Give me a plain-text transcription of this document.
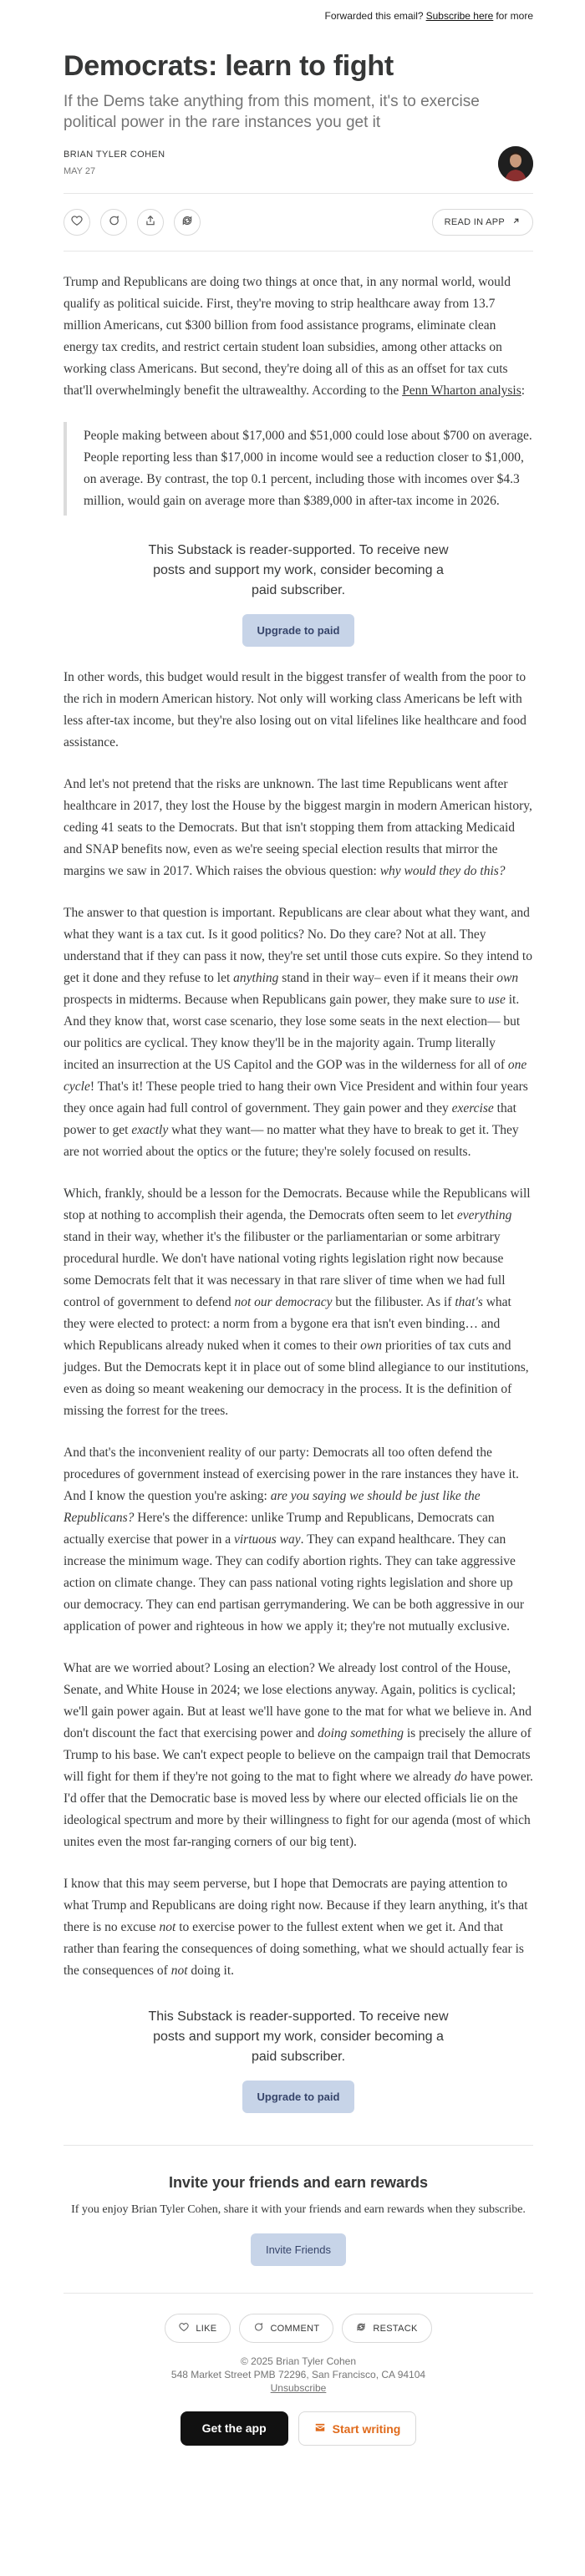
Forwarded this email? Subscribe here for more
Democrats: learn to fight
If the Dems take anything from this moment, it's to exercise political power in the rare instances you get it
BRIAN TYLER COHEN
MAY 27
READ IN APP

Trump and Republicans are doing two things at once that, in any normal world, would qualify as political suicide. First, they're moving to strip healthcare away from 13.7 million Americans, cut $300 billion from food assistance programs, eliminate clean energy tax credits, and restrict certain student loan subsidies, among other attacks on working class Americans. But second, they're doing all of this as an offset for tax cuts that'll overwhelmingly benefit the ultrawealthy. According to the Penn Wharton analysis:

People making between about $17,000 and $51,000 could lose about $700 on average. People reporting less than $17,000 in income would see a reduction closer to $1,000, on average. By contrast, the top 0.1 percent, including those with incomes over $4.3 million, would gain on average more than $389,000 in after-tax income in 2026.

This Substack is reader-supported. To receive new posts and support my work, consider becoming a paid subscriber.
Upgrade to paid

In other words, this budget would result in the biggest transfer of wealth from the poor to the rich in modern American history. Not only will working class Americans be left with less after-tax income, but they're also losing out on vital lifelines like healthcare and food assistance.

And let's not pretend that the risks are unknown. The last time Republicans went after healthcare in 2017, they lost the House by the biggest margin in modern American history, ceding 41 seats to the Democrats. But that isn't stopping them from attacking Medicaid and SNAP benefits now, even as we're seeing special election results that mirror the margins we saw in 2017. Which raises the obvious question: why would they do this?

The answer to that question is important. Republicans are clear about what they want, and what they want is a tax cut. Is it good politics? No. Do they care? Not at all. They understand that if they can pass it now, they're set until those cuts expire. So they intend to get it done and they refuse to let anything stand in their way– even if it means their own prospects in midterms. Because when Republicans gain power, they make sure to use it. And they know that, worst case scenario, they lose some seats in the next election— but our politics are cyclical. They know they'll be in the majority again. Trump literally incited an insurrection at the US Capitol and the GOP was in the wilderness for all of one cycle! That's it! These people tried to hang their own Vice President and within four years they once again had full control of government. They gain power and they exercise that power to get exactly what they want— no matter what they have to break to get it. They are not worried about the optics or the future; they're solely focused on results.

Which, frankly, should be a lesson for the Democrats. Because while the Republicans will stop at nothing to accomplish their agenda, the Democrats often seem to let everything stand in their way, whether it's the filibuster or the parliamentarian or some arbitrary procedural hurdle. We don't have national voting rights legislation right now because some Democrats felt that it was necessary in that rare sliver of time when we had full control of government to defend not our democracy but the filibuster. As if that's what they were elected to protect: a norm from a bygone era that isn't even binding… and which Republicans already nuked when it comes to their own priorities of tax cuts and judges. But the Democrats kept it in place out of some blind allegiance to our institutions, even as doing so meant weakening our democracy in the process. It is the definition of missing the forrest for the trees.

And that's the inconvenient reality of our party: Democrats all too often defend the procedures of government instead of exercising power in the rare instances they have it. And I know the question you're asking: are you saying we should be just like the Republicans? Here's the difference: unlike Trump and Republicans, Democrats can actually exercise that power in a virtuous way. They can expand healthcare. They can increase the minimum wage. They can codify abortion rights. They can take aggressive action on climate change. They can pass national voting rights legislation and shore up our democracy. They can end partisan gerrymandering. We can be both aggressive in our application of power and righteous in how we apply it; they're not mutually exclusive.

What are we worried about? Losing an election? We already lost control of the House, Senate, and White House in 2024; we lose elections anyway. Again, politics is cyclical; we'll gain power again. But at least we'll have gone to the mat for what we believe in. And don't discount the fact that exercising power and doing something is precisely the allure of Trump to his base. We can't expect people to believe on the campaign trail that Democrats will fight for them if they're not going to the mat to fight where we already do have power. I'd offer that the Democratic base is moved less by where our elected officials lie on the ideological spectrum and more by their willingness to fight for our agenda (most of which unites even the most far-ranging corners of our big tent).

I know that this may seem perverse, but I hope that Democrats are paying attention to what Trump and Republicans are doing right now. Because if they learn anything, it's that there is no excuse not to exercise power to the fullest extent when we get it. And that rather than fearing the consequences of doing something, what we should actually fear is the consequences of not doing it.

This Substack is reader-supported. To receive new posts and support my work, consider becoming a paid subscriber.
Upgrade to paid
Invite your friends and earn rewards
If you enjoy Brian Tyler Cohen, share it with your friends and earn rewards when they subscribe.
Invite Friends
LIKE	COMMENT	RESTACK
© 2025 Brian Tyler Cohen
548 Market Street PMB 72296, San Francisco, CA 94104
Unsubscribe
Get the app	Start writing
